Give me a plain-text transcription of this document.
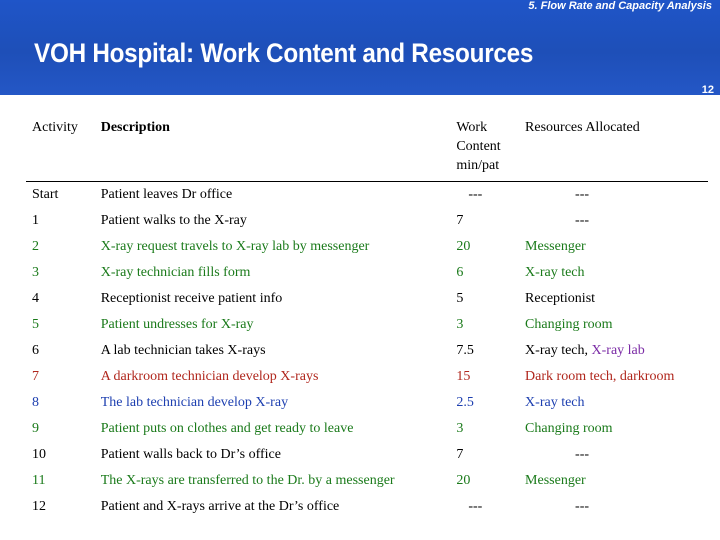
5. Flow Rate and Capacity Analysis
VOH Hospital: Work Content and Resources
12
Activity	Description	Work Content min/pat	Resources Allocated
Start	Patient leaves Dr office	---	---
1	Patient walks to the X-ray	7	---
2	X-ray request travels to X-ray lab by messenger	20	Messenger
3	X-ray technician fills form	6	X-ray tech
4	Receptionist receive patient info	5	Receptionist
5	Patient undresses for X-ray	3	Changing room
6	A lab technician takes X-rays	7.5	X-ray tech, X-ray lab
7	A darkroom technician develop X-rays	15	Dark room tech, darkroom
8	The lab technician develop X-ray	2.5	X-ray tech
9	Patient puts on clothes and get ready to leave	3	Changing room
10	Patient walls back to Dr’s office	7	---
11	The X-rays are transferred to the Dr. by a messenger	20	Messenger
12	Patient and X-rays arrive at the Dr’s office	---	---
